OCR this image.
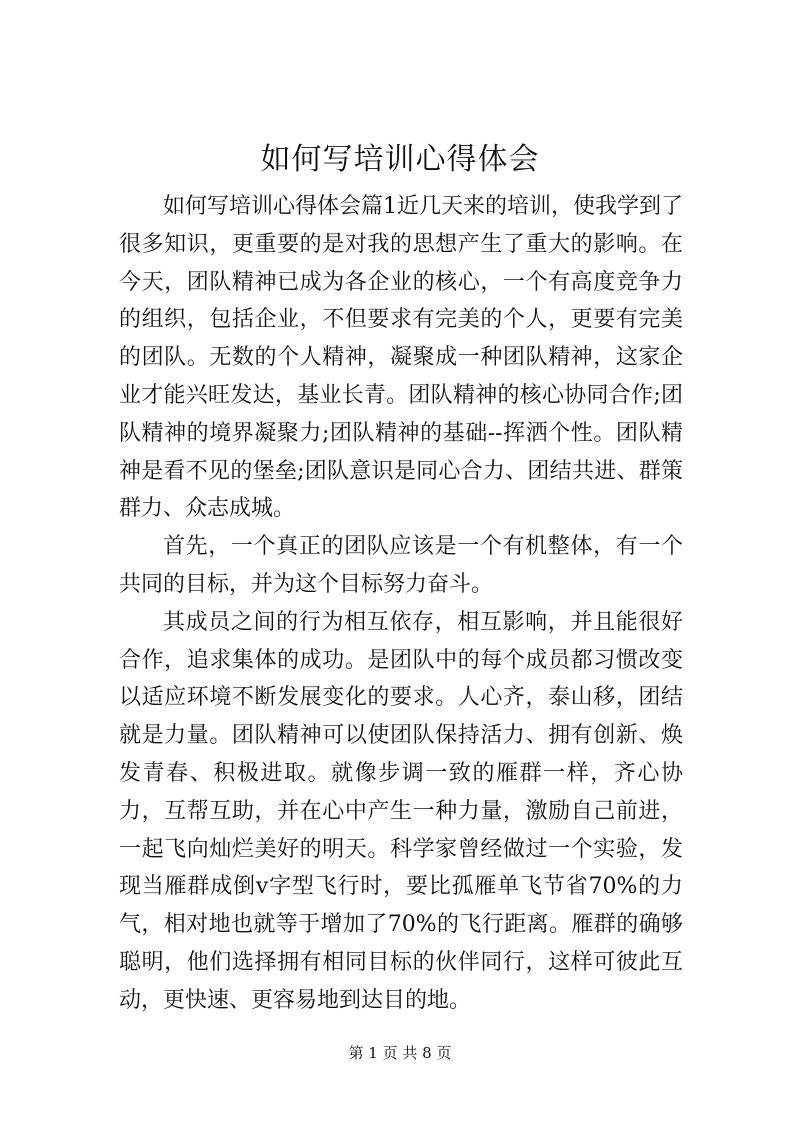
如何写培训心得体会

如何写培训心得体会篇1近几天来的培训，使我学到了很多知识，更重要的是对我的思想产生了重大的影响。在今天，团队精神已成为各企业的核心，一个有高度竞争力的组织，包括企业，不但要求有完美的个人，更要有完美的团队。无数的个人精神，凝聚成一种团队精神，这家企业才能兴旺发达，基业长青。团队精神的核心协同合作;团队精神的境界凝聚力;团队精神的基础--挥洒个性。团队精神是看不见的堡垒;团队意识是同心合力、团结共进、群策群力、众志成城。

首先，一个真正的团队应该是一个有机整体，有一个共同的目标，并为这个目标努力奋斗。

其成员之间的行为相互依存，相互影响，并且能很好合作，追求集体的成功。是团队中的每个成员都习惯改变以适应环境不断发展变化的要求。人心齐，泰山移，团结就是力量。团队精神可以使团队保持活力、拥有创新、焕发青春、积极进取。就像步调一致的雁群一样，齐心协力，互帮互助，并在心中产生一种力量，激励自己前进，一起飞向灿烂美好的明天。科学家曾经做过一个实验，发现当雁群成倒v字型飞行时，要比孤雁单飞节省70%的力气，相对地也就等于增加了70%的飞行距离。雁群的确够聪明，他们选择拥有相同目标的伙伴同行，这样可彼此互动，更快速、更容易地到达目的地。

第 1 页 共 8 页
